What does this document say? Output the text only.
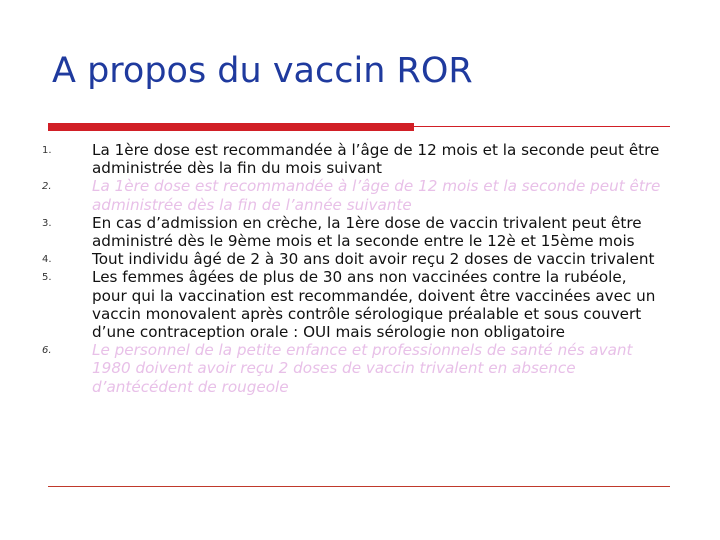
A propos du vaccin ROR
1.	La 1ère dose est recommandée à l’âge de 12 mois et la seconde peut être administrée dès la fin du mois suivant
2.	La 1ère dose est recommandée à l’âge de 12 mois et la seconde peut être administrée dès la fin de l’année suivante
3.	En cas d’admission en crèche, la 1ère dose de vaccin trivalent peut être administré dès le 9ème mois et la seconde entre le 12è et 15ème mois
4.	Tout individu âgé de 2 à 30 ans doit avoir reçu 2 doses de vaccin trivalent
5.	Les femmes âgées de plus de 30 ans non vaccinées contre la rubéole, pour qui la vaccination est recommandée, doivent être vaccinées avec un vaccin monovalent après contrôle sérologique préalable et sous couvert d’une contraception orale : OUI mais sérologie non obligatoire
6.	Le personnel de la petite enfance et professionnels de santé nés avant 1980 doivent avoir reçu 2 doses de vaccin trivalent en absence d’antécédent de rougeole
